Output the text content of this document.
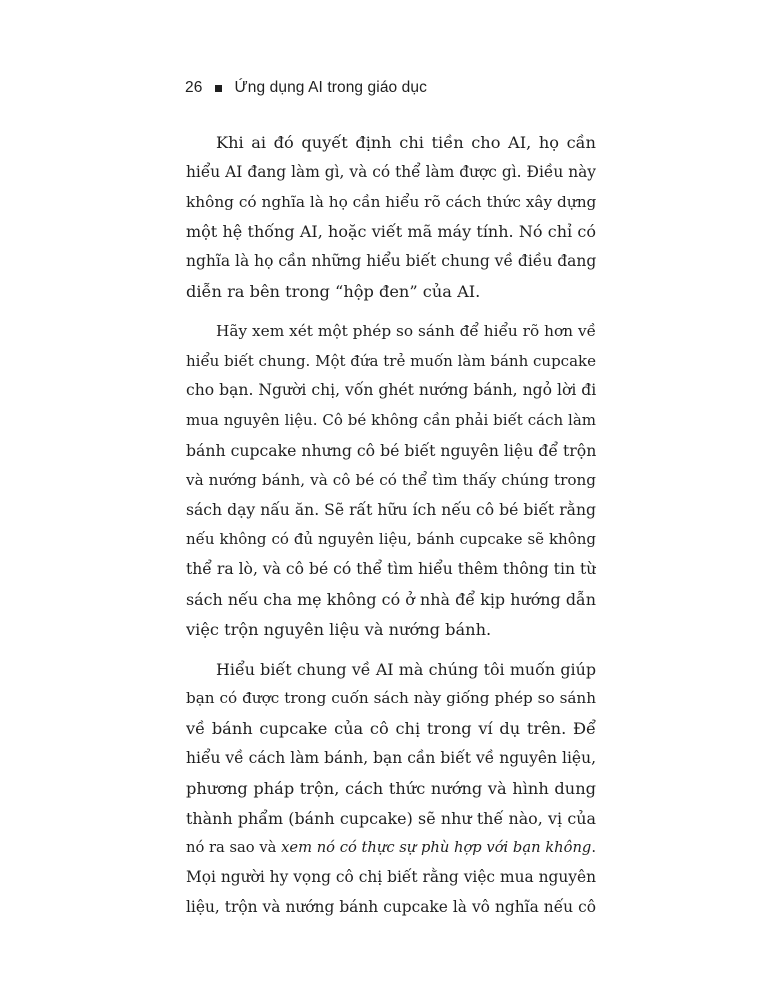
26 Ứng dụng AI trong giáo dục
Khi ai đó quyết định chi tiền cho AI, họ cần
hiểu AI đang làm gì, và có thể làm được gì. Điều này
không có nghĩa là họ cần hiểu rõ cách thức xây dựng
một hệ thống AI, hoặc viết mã máy tính. Nó chỉ có
nghĩa là họ cần những hiểu biết chung về điều đang
diễn ra bên trong “hộp đen” của AI.
Hãy xem xét một phép so sánh để hiểu rõ hơn về
hiểu biết chung. Một đứa trẻ muốn làm bánh cupcake
cho bạn. Người chị, vốn ghét nướng bánh, ngỏ lời đi
mua nguyên liệu. Cô bé không cần phải biết cách làm
bánh cupcake nhưng cô bé biết nguyên liệu để trộn
và nướng bánh, và cô bé có thể tìm thấy chúng trong
sách dạy nấu ăn. Sẽ rất hữu ích nếu cô bé biết rằng
nếu không có đủ nguyên liệu, bánh cupcake sẽ không
thể ra lò, và cô bé có thể tìm hiểu thêm thông tin từ
sách nếu cha mẹ không có ở nhà để kịp hướng dẫn
việc trộn nguyên liệu và nướng bánh.
Hiểu biết chung về AI mà chúng tôi muốn giúp
bạn có được trong cuốn sách này giống phép so sánh
về bánh cupcake của cô chị trong ví dụ trên. Để
hiểu về cách làm bánh, bạn cần biết về nguyên liệu,
phương pháp trộn, cách thức nướng và hình dung
thành phẩm (bánh cupcake) sẽ như thế nào, vị của
nó ra sao và xem nó có thực sự phù hợp với bạn không.
Mọi người hy vọng cô chị biết rằng việc mua nguyên
liệu, trộn và nướng bánh cupcake là vô nghĩa nếu cô
